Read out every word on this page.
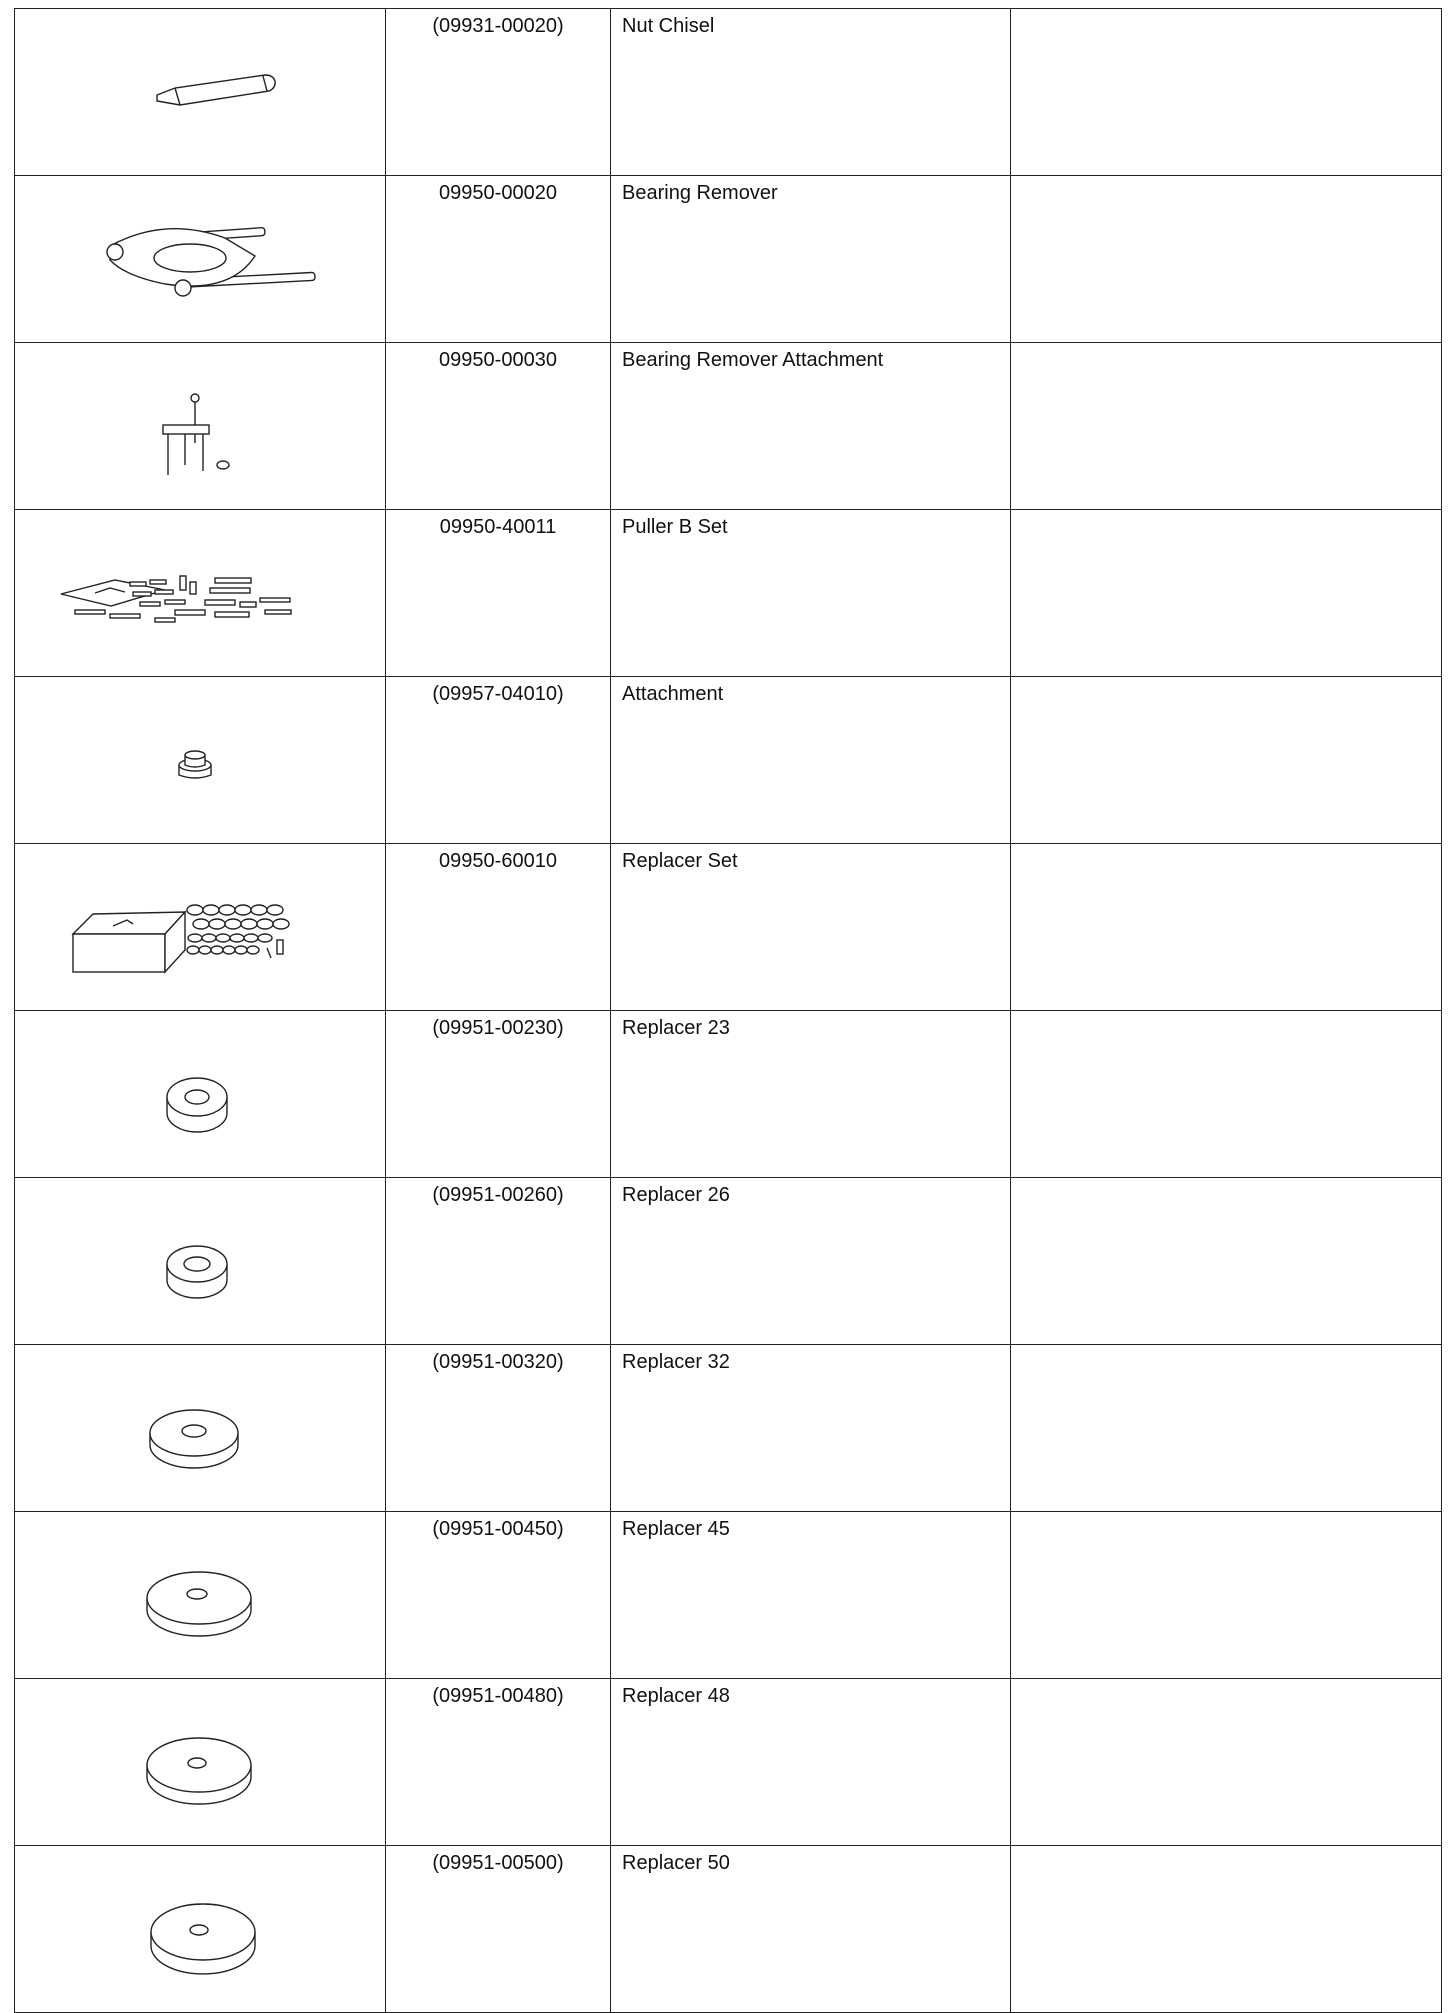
	(09931-00020)	Nut Chisel	

	09950-00020	Bearing Remover	

	09950-00030	Bearing Remover Attachment	

	09950-40011	Puller B Set	

	(09957-04010)	Attachment	

	09950-60010	Replacer Set	

	(09951-00230)	Replacer 23	

	(09951-00260)	Replacer 26	

	(09951-00320)	Replacer 32	

	(09951-00450)	Replacer 45	

	(09951-00480)	Replacer 48	

	(09951-00500)	Replacer 50	
